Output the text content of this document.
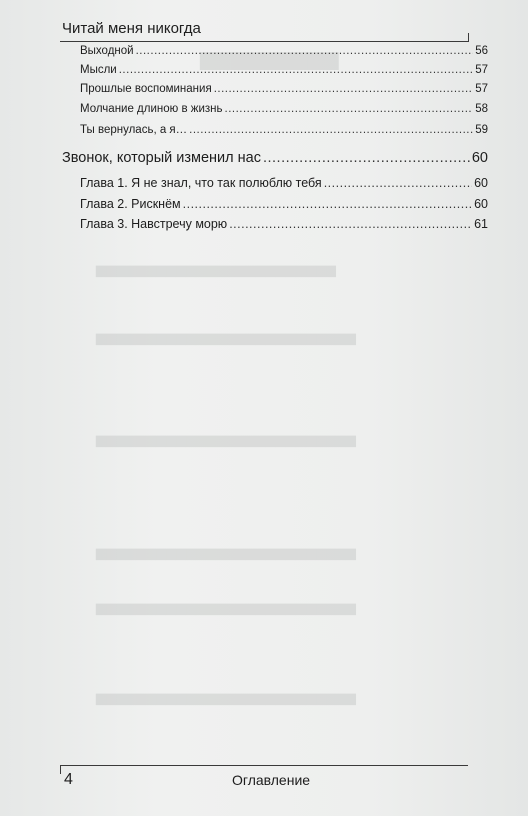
▆▆▆▆▆▆▆▆▆
▆▆▆▆▆▆▆▆▆▆▆▆▆▆▆▆▆▆▆▆▆▆▆▆
▆▆▆▆▆▆▆▆▆▆▆▆▆▆▆▆▆▆▆▆▆▆▆▆▆▆
▆▆▆▆▆▆▆▆▆▆▆▆▆▆▆▆▆▆▆▆▆▆▆▆▆▆
▆▆▆▆▆▆▆▆▆▆▆▆▆▆▆▆▆▆▆▆▆▆▆▆▆▆
▆▆▆▆▆▆▆▆▆▆▆▆▆▆▆▆▆▆▆▆▆▆▆▆▆▆
▆▆▆▆▆▆▆▆▆▆▆▆▆▆▆▆▆▆▆▆▆▆▆▆▆▆
Читай меня никогда
Выходной .....	56
Мысли .....	57
Прошлые воспоминания .....	57
Молчание длиною в жизнь .....	58
Ты вернулась, а я… .....	59
Звонок, который изменил нас .....	60
Глава 1. Я не знал, что так полюблю тебя .....	60
Глава 2. Рискнём .....	60
Глава 3. Навстречу морю .....	61
4	Оглавление
